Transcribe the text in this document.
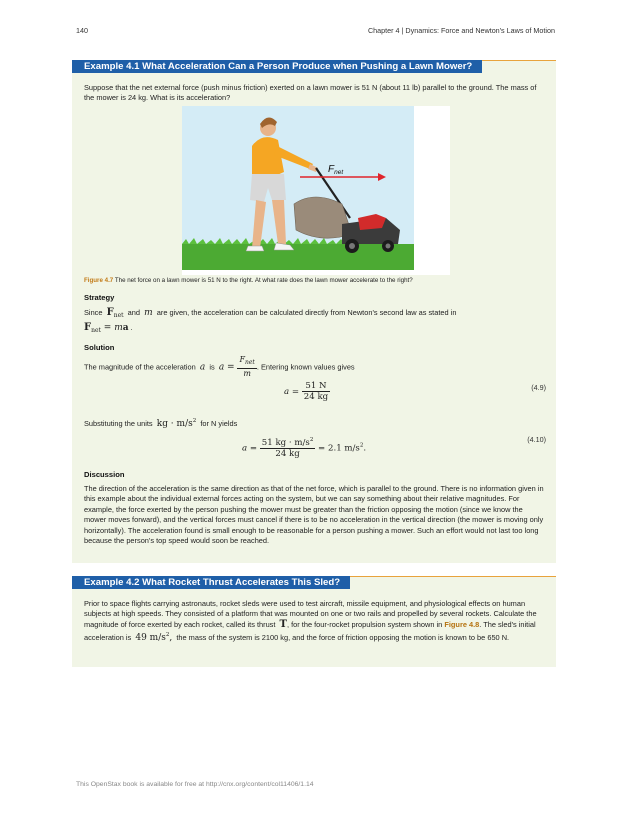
140	Chapter 4 | Dynamics: Force and Newton's Laws of Motion
Example 4.1 What Acceleration Can a Person Produce when Pushing a Lawn Mower?

Suppose that the net external force (push minus friction) exerted on a lawn mower is 51 N (about 11 lb) parallel to the ground. The mass of the mower is 24 kg. What is its acceleration?

$F_{net}$
Figure 4.7 The net force on a lawn mower is 51 N to the right. At what rate does the lawn mower accelerate to the right?
Strategy
Since $F_{net}$ and m are given, the acceleration can be calculated directly from Newton's second law as stated in
$F_{net}$ = ma .
Solution
The magnitude of the acceleration a is $a = \frac{F_{net}}{m}$ . Entering known values gives
$a = \frac{51 N}{24 kg}$	(4.9)
Substituting the units kg · $m/s^2$ for N yields
$a = \frac{51 kg \cdot m/s^2}{24 kg} = 2.1$ $m/s^2$.
(4.10)
Discussion

The direction of the acceleration is the same direction as that of the net force, which is parallel to the ground. There is no information given in this example about the individual external forces acting on the system, but we can say something about their relative magnitudes. For example, the force exerted by the person pushing the mower must be greater than the friction opposing the motion (since we know the mower moves forward), and the vertical forces must cancel if there is to be no acceleration in the vertical direction (the mower is moving only horizontally). The acceleration found is small enough to be reasonable for a person pushing a mower. Such an effort would not last too long because the person's top speed would soon be reached.

Example 4.2 What Rocket Thrust Accelerates This Sled?
Prior to space flights carrying astronauts, rocket sleds were used to test aircraft, missile equipment, and physiological effects on human subjects at high speeds. They consisted of a platform that was mounted on one or two rails and propelled by several rockets. Calculate the magnitude of force exerted by each rocket, called its thrust T, for the four-rocket propulsion system shown in Figure 4.8. The sled's initial acceleration is 49 $m/s^2$, the mass of the system is 2100 kg, and the force of friction opposing the motion is known to be 650 N.
This OpenStax book is available for free at http://cnx.org/content/col11406/1.14
